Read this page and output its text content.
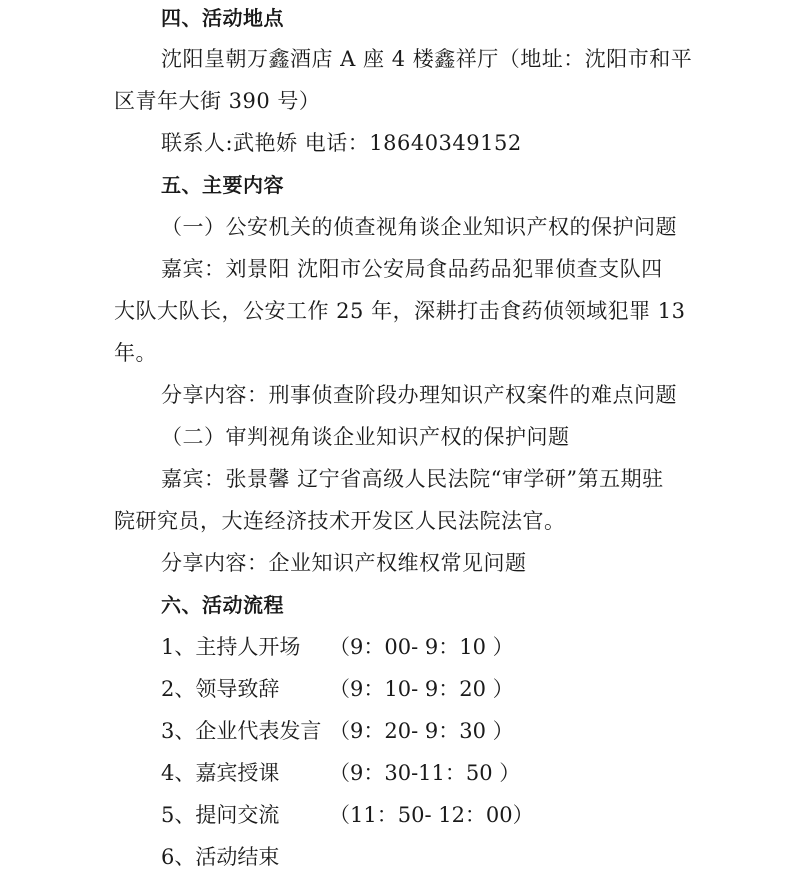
四、活动地点
沈阳皇朝万鑫酒店 A 座 4 楼鑫祥厅（地址：沈阳市和平
区青年大街 390 号）
联系人:武艳娇 电话：18640349152
五、主要内容
（一）公安机关的侦查视角谈企业知识产权的保护问题
嘉宾：刘景阳 沈阳市公安局食品药品犯罪侦查支队四
大队大队长，公安工作 25 年，深耕打击食药侦领域犯罪 13
年。
分享内容：刑事侦查阶段办理知识产权案件的难点问题
（二）审判视角谈企业知识产权的保护问题
嘉宾：张景馨 辽宁省高级人民法院“审学研”第五期驻
院研究员，大连经济技术开发区人民法院法官。
分享内容：企业知识产权维权常见问题
六、活动流程
1、主持人开场 （9：00- 9：10 ）
2、领导致辞 （9：10- 9：20 ）
3、企业代表发言 （9：20- 9：30 ）
4、嘉宾授课 （9：30-11：50 ）
5、提问交流 （11：50- 12：00）
6、活动结束
